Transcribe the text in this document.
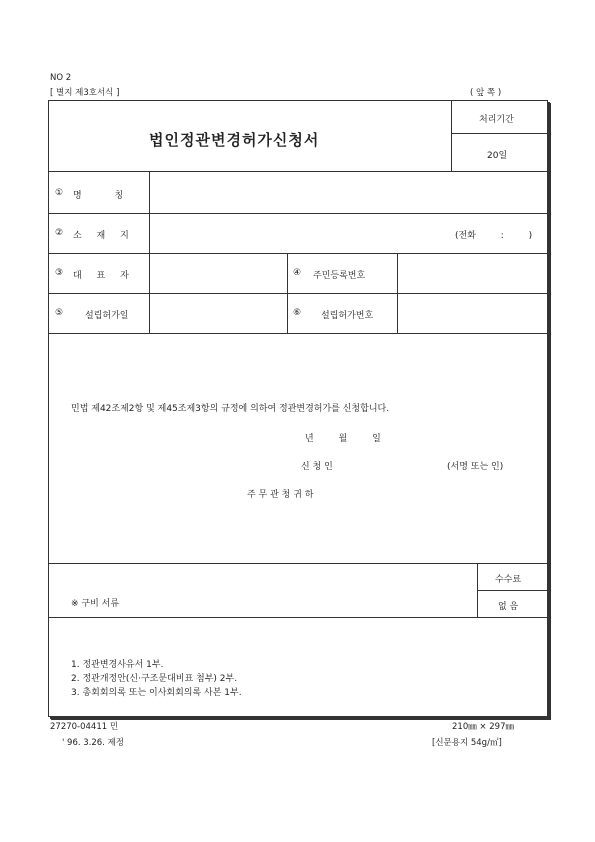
NO 2
[ 별지 제3호서식 ]	( 앞 쪽 )
법인정관변경허가신청서
처리기간
20일
① 명 칭
② 소 재 지	(전화 : )
③ 대 표 자	④ 주민등록번호
⑤ 설립허가일	⑥ 설립허가번호
민법 제42조제2항 및 제45조제3항의 규정에 의하여 정관변경허가를 신청합니다.
년 월 일
신 청 인	(서명 또는 인)
주 무 관 청 귀 하
수수료
없 음
※ 구비 서류
1. 정관변경사유서 1부.
2. 정관개정안(신·구조문대비표 첨부) 2부.
3. 총회회의록 또는 이사회회의록 사본 1부.
27270-04411 민
' 96. 3.26. 제정
210㎜ × 297㎜
[신문용지 54g/㎡]
